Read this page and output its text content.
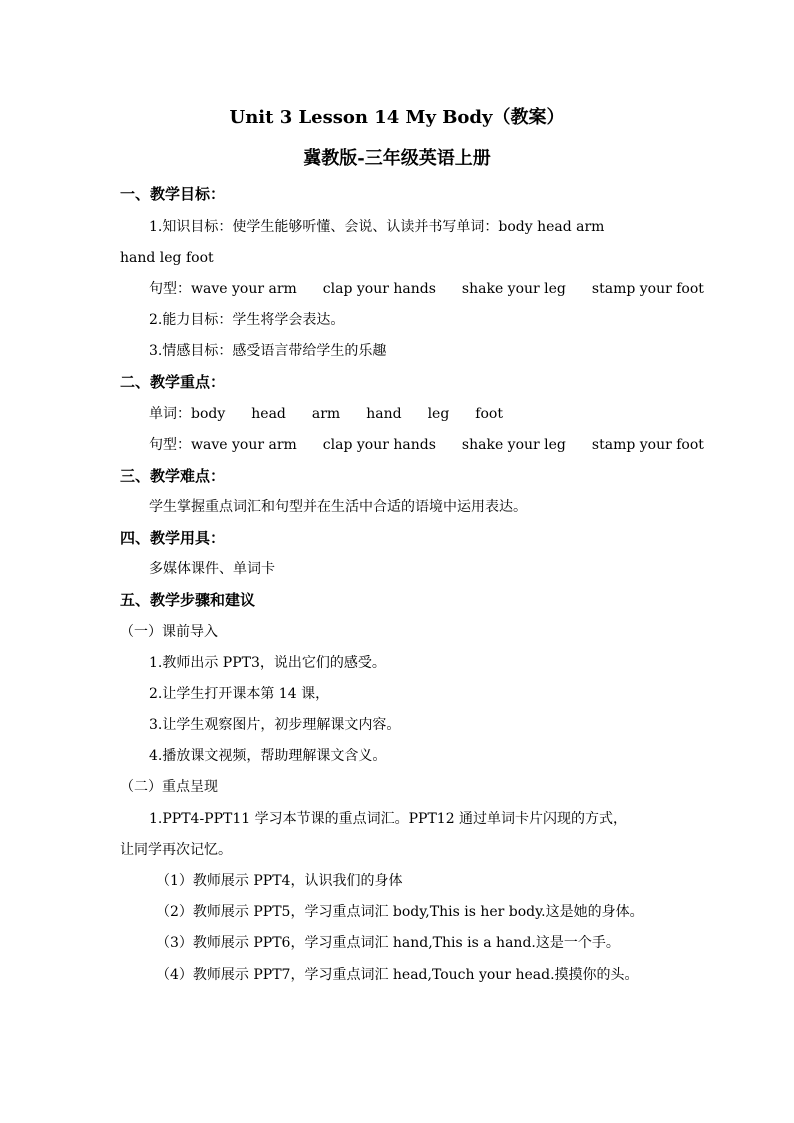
Unit 3 Lesson 14 My Body（教案）
冀教版-三年级英语上册
一、教学目标：
1.知识目标：使学生能够听懂、会说、认读并书写单词：body head arm
hand leg foot
句型：wave your arm clap your hands shake your leg stamp your foot
2.能力目标：学生将学会表达。
3.情感目标：感受语言带给学生的乐趣
二、教学重点：
单词：body head arm hand leg foot
句型：wave your arm clap your hands shake your leg stamp your foot
三、教学难点：
学生掌握重点词汇和句型并在生活中合适的语境中运用表达。
四、教学用具：
多媒体课件、单词卡
五、教学步骤和建议
（一）课前导入
1.教师出示 PPT3，说出它们的感受。
2.让学生打开课本第 14 课，
3.让学生观察图片，初步理解课文内容。
4.播放课文视频，帮助理解课文含义。
（二）重点呈现
1.PPT4-PPT11 学习本节课的重点词汇。PPT12 通过单词卡片闪现的方式，
让同学再次记忆。
（1）教师展示 PPT4，认识我们的身体
（2）教师展示 PPT5，学习重点词汇 body,This is her body.这是她的身体。
（3）教师展示 PPT6，学习重点词汇 hand,This is a hand.这是一个手。
（4）教师展示 PPT7，学习重点词汇 head,Touch your head.摸摸你的头。
